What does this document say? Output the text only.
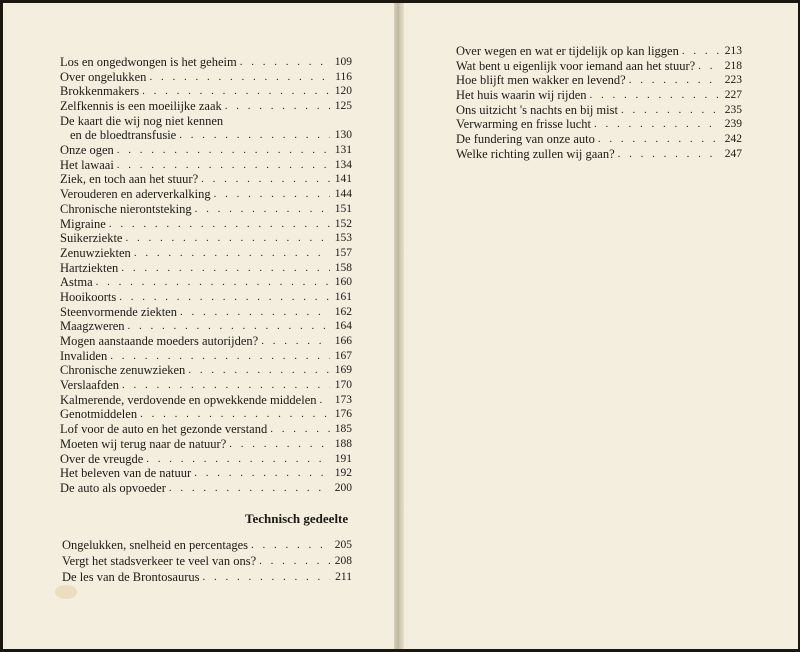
Los en ongedwongen is het geheim . . .	109
Over ongelukken . . .	116
Brokkenmakers . . .	120
Zelfkennis is een moeilijke zaak . . .	125
De kaart die wij nog niet kennen
en de bloedtransfusie . . .	130
Onze ogen . . .	131
Het lawaai . . .	134
Ziek, en toch aan het stuur? . . .	141
Verouderen en aderverkalking . . .	144
Chronische nierontsteking . . .	151
Migraine . . .	152
Suikerziekte . . .	153
Zenuwziekten . . .	157
Hartziekten . . .	158
Astma . . .	160
Hooikoorts . . .	161
Steenvormende ziekten . . .	162
Maagzweren . . .	164
Mogen aanstaande moeders autorijden? . . .	166
Invaliden . . .	167
Chronische zenuwzieken . . .	169
Verslaafden . . .	170
Kalmerende, verdovende en opwekkende middelen . . .	173
Genotmiddelen . . .	176
Lof voor de auto en het gezonde verstand . . .	185
Moeten wij terug naar de natuur? . . .	188
Over de vreugde . . .	191
Het beleven van de natuur . . .	192
De auto als opvoeder . . .	200
Technisch gedeelte
Ongelukken, snelheid en percentages . . .	205
Vergt het stadsverkeer te veel van ons? . . .	208
De les van de Brontosaurus . . .	211
Over wegen en wat er tijdelijk op kan liggen . . .	213
Wat bent u eigenlijk voor iemand aan het stuur? . . .	218
Hoe blijft men wakker en levend? . . .	223
Het huis waarin wij rijden . . .	227
Ons uitzicht 's nachts en bij mist . . .	235
Verwarming en frisse lucht . . .	239
De fundering van onze auto . . .	242
Welke richting zullen wij gaan? . . .	247
